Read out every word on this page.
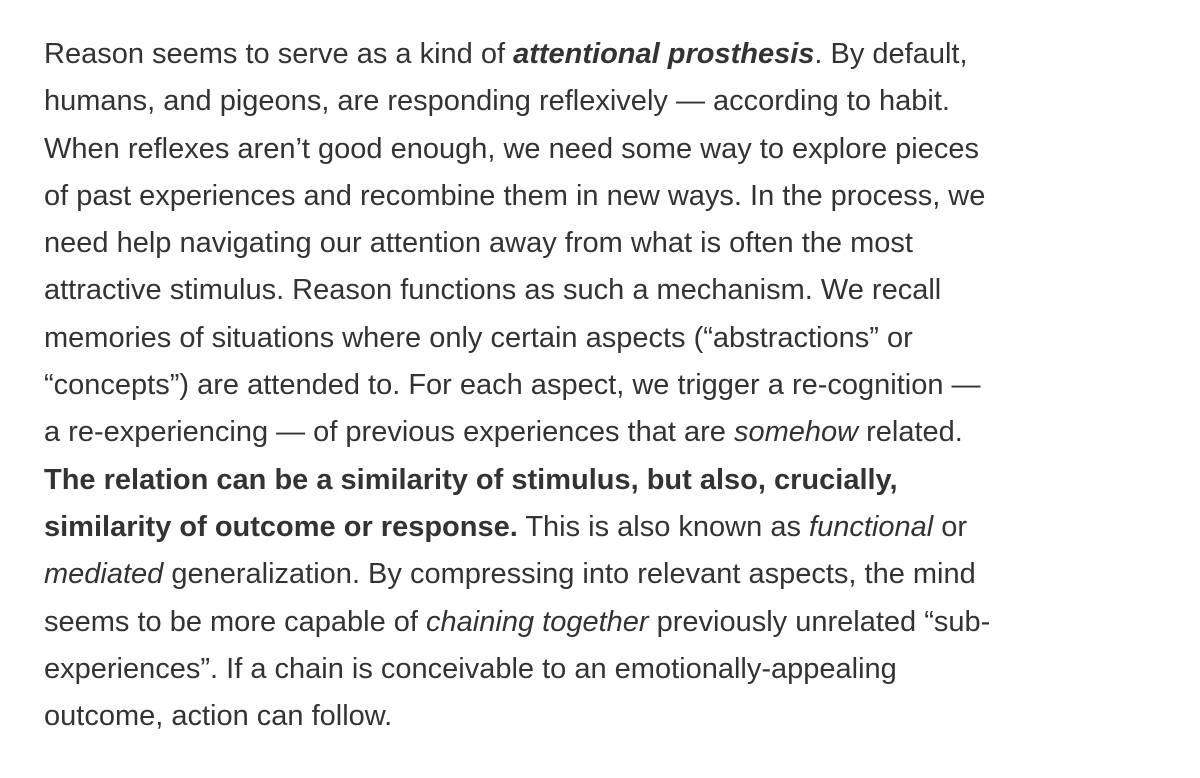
Reason seems to serve as a kind of attentional prosthesis. By default,
humans, and pigeons, are responding reflexively — according to habit.
When reflexes aren’t good enough, we need some way to explore pieces
of past experiences and recombine them in new ways. In the process, we
need help navigating our attention away from what is often the most
attractive stimulus. Reason functions as such a mechanism. We recall
memories of situations where only certain aspects (“abstractions” or
“concepts”) are attended to. For each aspect, we trigger a re-cognition —
a re-experiencing — of previous experiences that are somehow related.
The relation can be a similarity of stimulus, but also, crucially,
similarity of outcome or response. This is also known as functional or
mediated generalization. By compressing into relevant aspects, the mind
seems to be more capable of chaining together previously unrelated “sub-
experiences”. If a chain is conceivable to an emotionally-appealing
outcome, action can follow.
